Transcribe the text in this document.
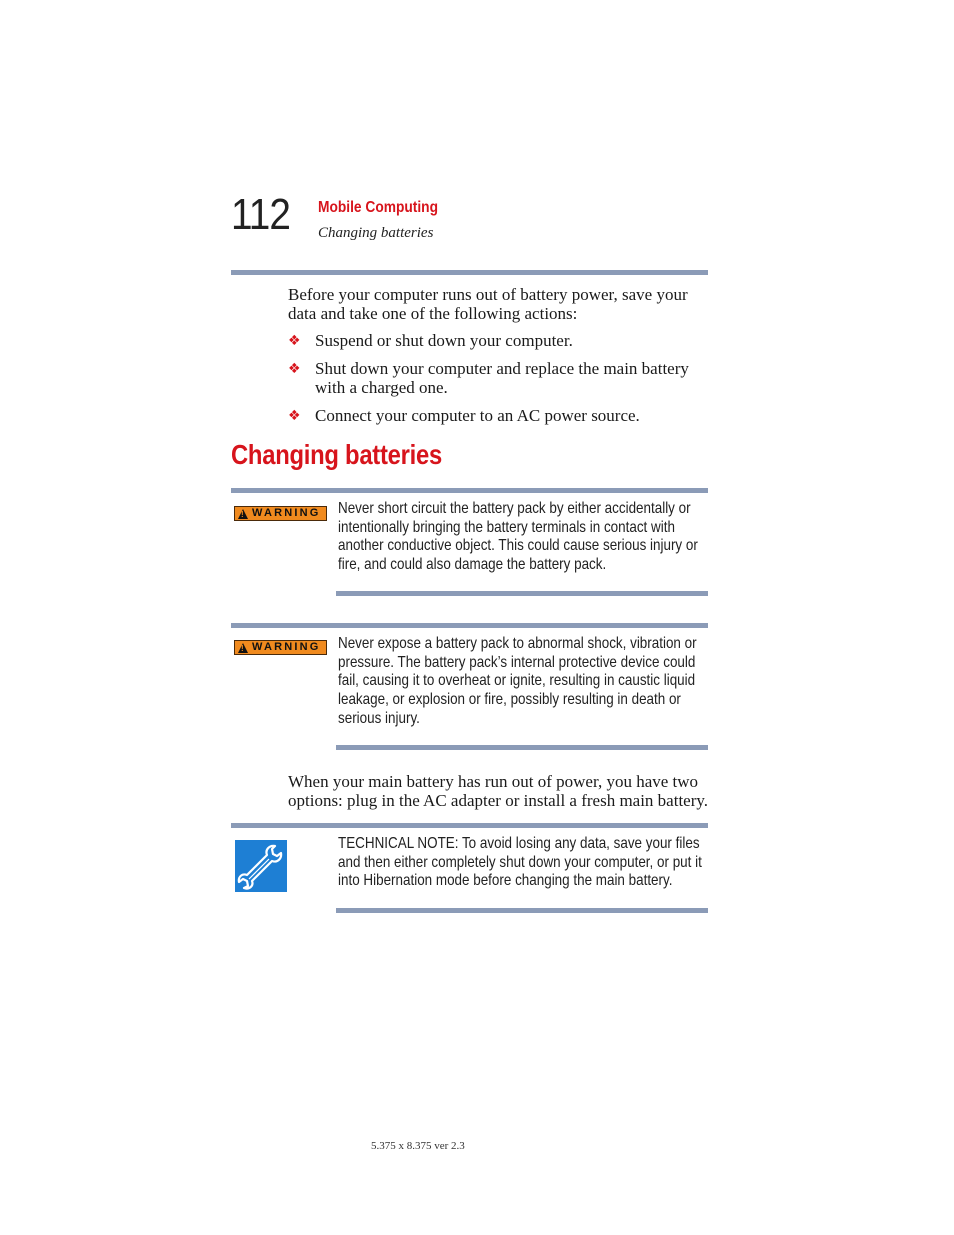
112 Mobile Computing
Changing batteries
Before your computer runs out of battery power, save your data and take one of the following actions:
❖ Suspend or shut down your computer.
❖ Shut down your computer and replace the main battery with a charged one.
❖ Connect your computer to an AC power source.
Changing batteries
!
WARNING Never short circuit the battery pack by either accidentally or intentionally bringing the battery terminals in contact with another conductive object. This could cause serious injury or fire, and could also damage the battery pack.
!
WARNING Never expose a battery pack to abnormal shock, vibration or pressure. The battery pack’s internal protective device could fail, causing it to overheat or ignite, resulting in caustic liquid leakage, or explosion or fire, possibly resulting in death or serious injury.
When your main battery has run out of power, you have two options: plug in the AC adapter or install a fresh main battery.
TECHNICAL NOTE: To avoid losing any data, save your files and then either completely shut down your computer, or put it into Hibernation mode before changing the main battery.
5.375 x 8.375 ver 2.3
